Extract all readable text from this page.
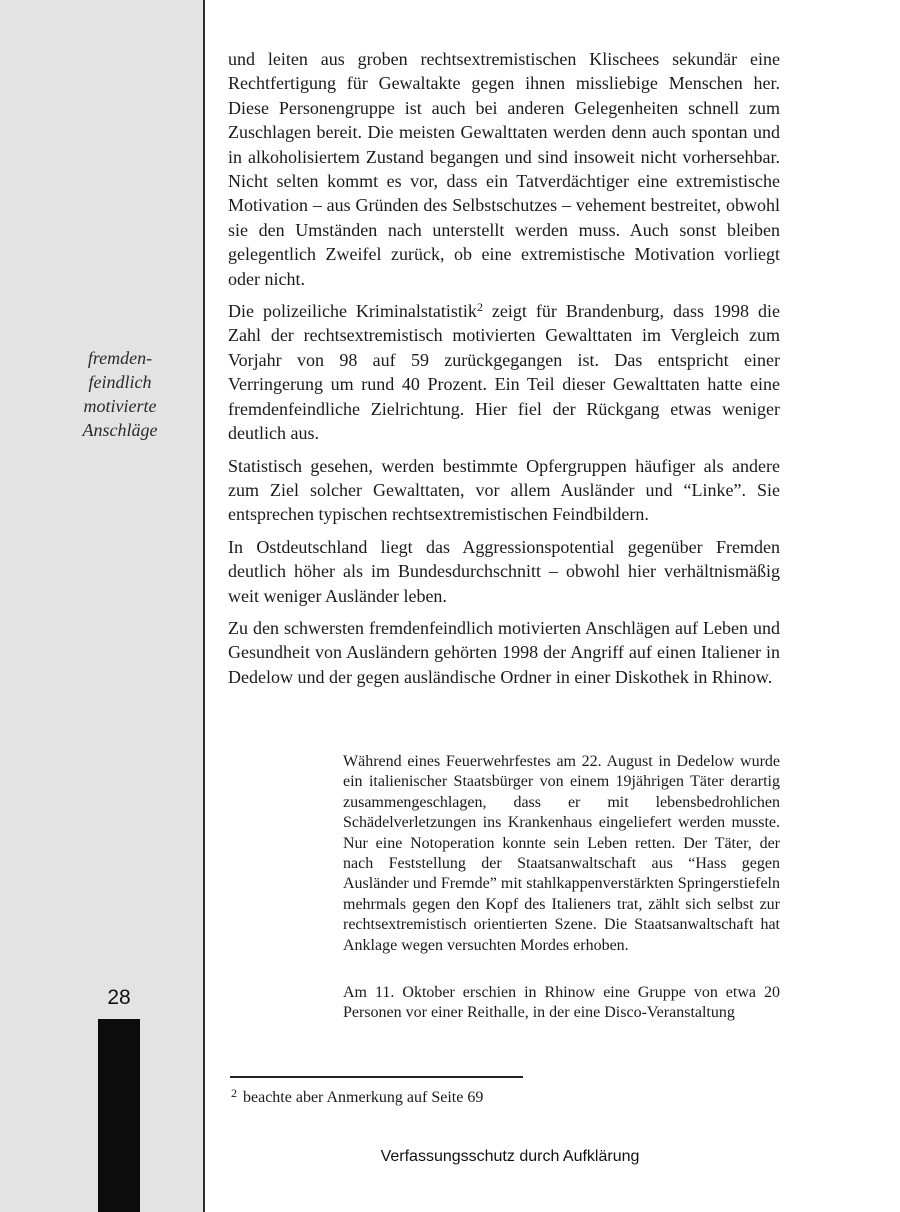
fremden-
feindlich
motivierte
Anschläge
28

und leiten aus groben rechtsextremistischen Klischees sekundär eine Rechtfertigung für Gewaltakte gegen ihnen missliebige Menschen her. Diese Personengruppe ist auch bei anderen Gelegenheiten schnell zum Zuschlagen bereit. Die meisten Gewalttaten werden denn auch spontan und in alkoholisiertem Zustand begangen und sind insoweit nicht vorhersehbar. Nicht selten kommt es vor, dass ein Tatverdächtiger eine extremistische Motivation – aus Gründen des Selbstschutzes – vehement bestreitet, obwohl sie den Umständen nach unterstellt werden muss. Auch sonst bleiben gelegentlich Zweifel zurück, ob eine extremistische Motivation vorliegt oder nicht.

Die polizeiliche Kriminalstatistik$^2$ zeigt für Brandenburg, dass 1998 die Zahl der rechtsextremistisch motivierten Gewalttaten im Vergleich zum Vorjahr von 98 auf 59 zurückgegangen ist. Das entspricht einer Verringerung um rund 40 Prozent. Ein Teil dieser Gewalttaten hatte eine fremdenfeindliche Zielrichtung. Hier fiel der Rückgang etwas weniger deutlich aus.

Statistisch gesehen, werden bestimmte Opfergruppen häufiger als andere zum Ziel solcher Gewalttaten, vor allem Ausländer und “Linke”. Sie entsprechen typischen rechtsextremistischen Feindbildern.

In Ostdeutschland liegt das Aggressionspotential gegenüber Fremden deutlich höher als im Bundesdurchschnitt – obwohl hier verhältnismäßig weit weniger Ausländer leben.

Zu den schwersten fremdenfeindlich motivierten Anschlägen auf Leben und Gesundheit von Ausländern gehörten 1998 der Angriff auf einen Italiener in Dedelow und der gegen ausländische Ordner in einer Diskothek in Rhinow.

Während eines Feuerwehrfestes am 22. August in Dedelow wurde ein italienischer Staatsbürger von einem 19jährigen Täter derartig zusammengeschlagen, dass er mit lebensbedrohlichen Schädelverletzungen ins Krankenhaus eingeliefert werden musste. Nur eine Notoperation konnte sein Leben retten. Der Täter, der nach Feststellung der Staatsanwaltschaft aus “Hass gegen Ausländer und Fremde” mit stahlkappenverstärkten Springerstiefeln mehrmals gegen den Kopf des Italieners trat, zählt sich selbst zur rechtsextremistisch orientierten Szene. Die Staatsanwaltschaft hat Anklage wegen versuchten Mordes erhoben.

Am 11. Oktober erschien in Rhinow eine Gruppe von etwa 20 Personen vor einer Reithalle, in der eine Disco-Veranstaltung

$^2$ beachte aber Anmerkung auf Seite 69
Verfassungsschutz durch Aufklärung
